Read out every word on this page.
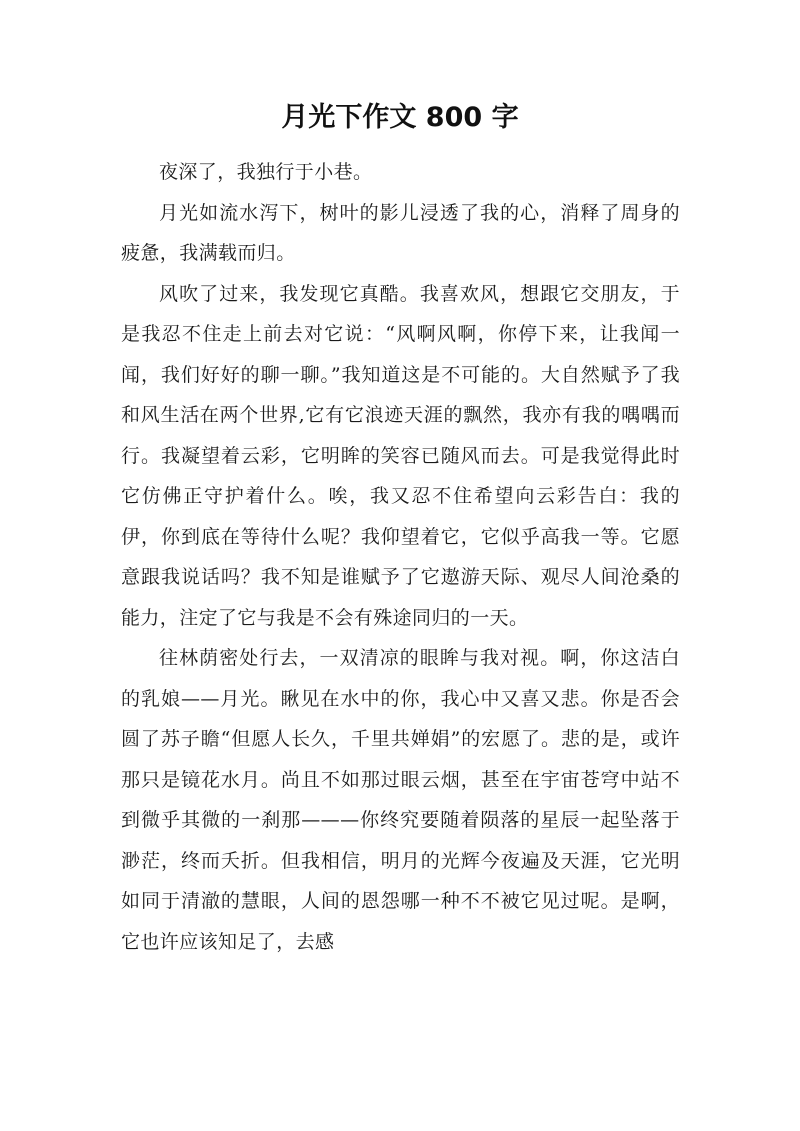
月光下作文 800 字

夜深了，我独行于小巷。

月光如流水泻下，树叶的影儿浸透了我的心，消释了周身的疲惫，我满载而归。

风吹了过来，我发现它真酷。我喜欢风，想跟它交朋友，于是我忍不住走上前去对它说：“风啊风啊，你停下来，让我闻一闻，我们好好的聊一聊。”我知道这是不可能的。大自然赋予了我和风生活在两个世界,它有它浪迹天涯的飘然，我亦有我的喁喁而行。我凝望着云彩，它明眸的笑容已随风而去。可是我觉得此时它仿佛正守护着什么。唉，我又忍不住希望向云彩告白：我的伊，你到底在等待什么呢？我仰望着它，它似乎高我一等。它愿意跟我说话吗？我不知是谁赋予了它遨游天际、观尽人间沧桑的能力，注定了它与我是不会有殊途同归的一天。

往林荫密处行去，一双清凉的眼眸与我对视。啊，你这洁白的乳娘——月光。瞅见在水中的你，我心中又喜又悲。你是否会圆了苏子瞻“但愿人长久，千里共婵娟”的宏愿了。悲的是，或许那只是镜花水月。尚且不如那过眼云烟，甚至在宇宙苍穹中站不到微乎其微的一刹那———你终究要随着陨落的星辰一起坠落于渺茫，终而夭折。但我相信，明月的光辉今夜遍及天涯，它光明如同于清澈的慧眼，人间的恩怨哪一种不不被它见过呢。是啊，它也许应该知足了，去感
